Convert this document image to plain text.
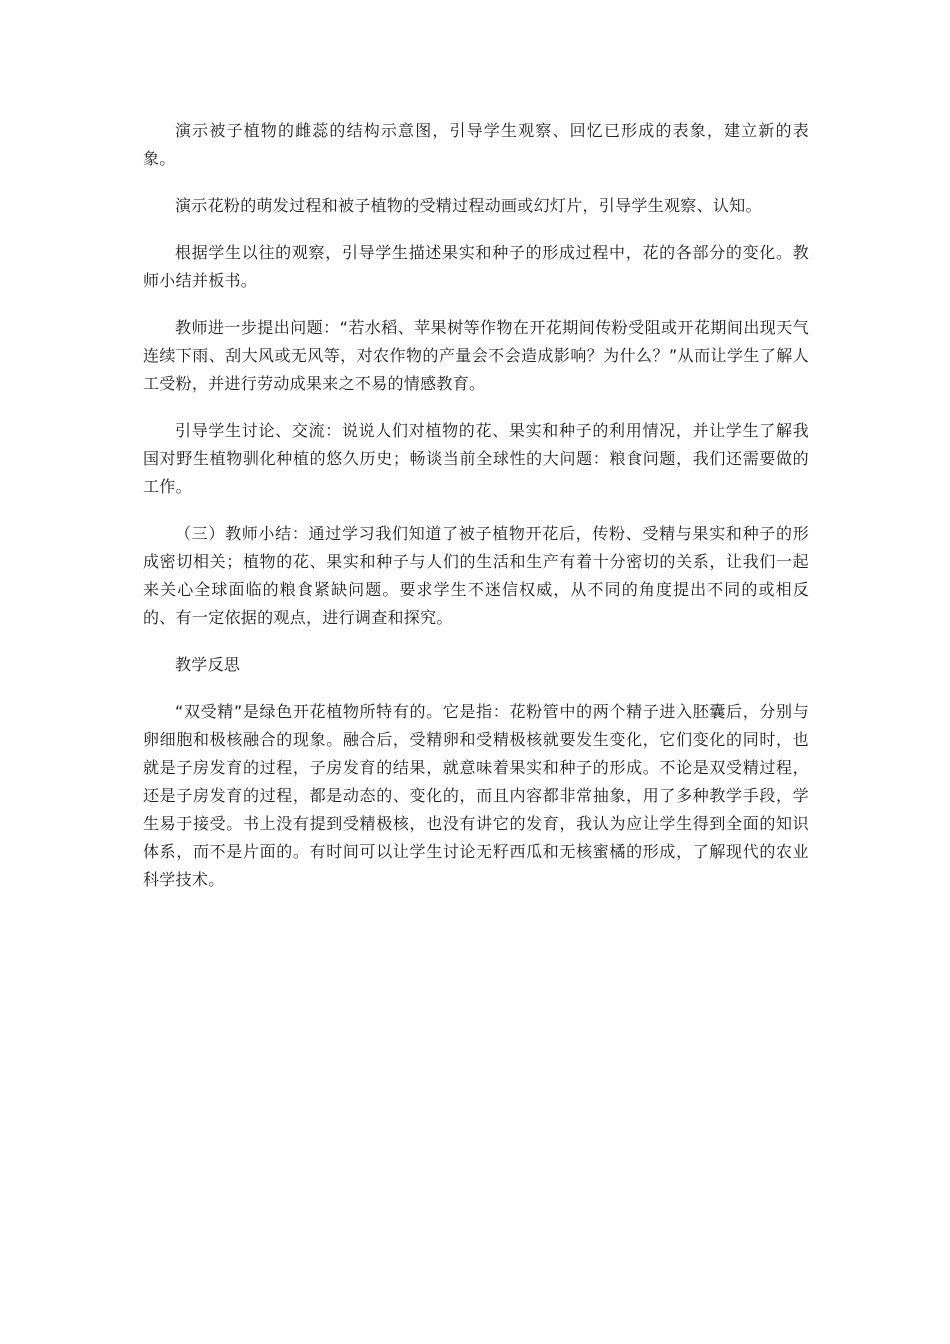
演示被子植物的雌蕊的结构示意图，引导学生观察、回忆已形成的表象，建立新的表象。

演示花粉的萌发过程和被子植物的受精过程动画或幻灯片，引导学生观察、认知。

根据学生以往的观察，引导学生描述果实和种子的形成过程中，花的各部分的变化。教师小结并板书。

教师进一步提出问题：“若水稻、苹果树等作物在开花期间传粉受阻或开花期间出现天气连续下雨、刮大风或无风等，对农作物的产量会不会造成影响？为什么？”从而让学生了解人工受粉，并进行劳动成果来之不易的情感教育。

引导学生讨论、交流：说说人们对植物的花、果实和种子的利用情况，并让学生了解我国对野生植物驯化种植的悠久历史；畅谈当前全球性的大问题：粮食问题，我们还需要做的工作。

（三）教师小结：通过学习我们知道了被子植物开花后，传粉、受精与果实和种子的形成密切相关；植物的花、果实和种子与人们的生活和生产有着十分密切的关系，让我们一起来关心全球面临的粮食紧缺问题。要求学生不迷信权威，从不同的角度提出不同的或相反的、有一定依据的观点，进行调查和探究。

教学反思

“双受精”是绿色开花植物所特有的。它是指：花粉管中的两个精子进入胚囊后，分别与卵细胞和极核融合的现象。融合后，受精卵和受精极核就要发生变化，它们变化的同时，也就是子房发育的过程，子房发育的结果，就意味着果实和种子的形成。不论是双受精过程，还是子房发育的过程，都是动态的、变化的，而且内容都非常抽象，用了多种教学手段，学生易于接受。书上没有提到受精极核，也没有讲它的发育，我认为应让学生得到全面的知识体系，而不是片面的。有时间可以让学生讨论无籽西瓜和无核蜜橘的形成，了解现代的农业科学技术。
